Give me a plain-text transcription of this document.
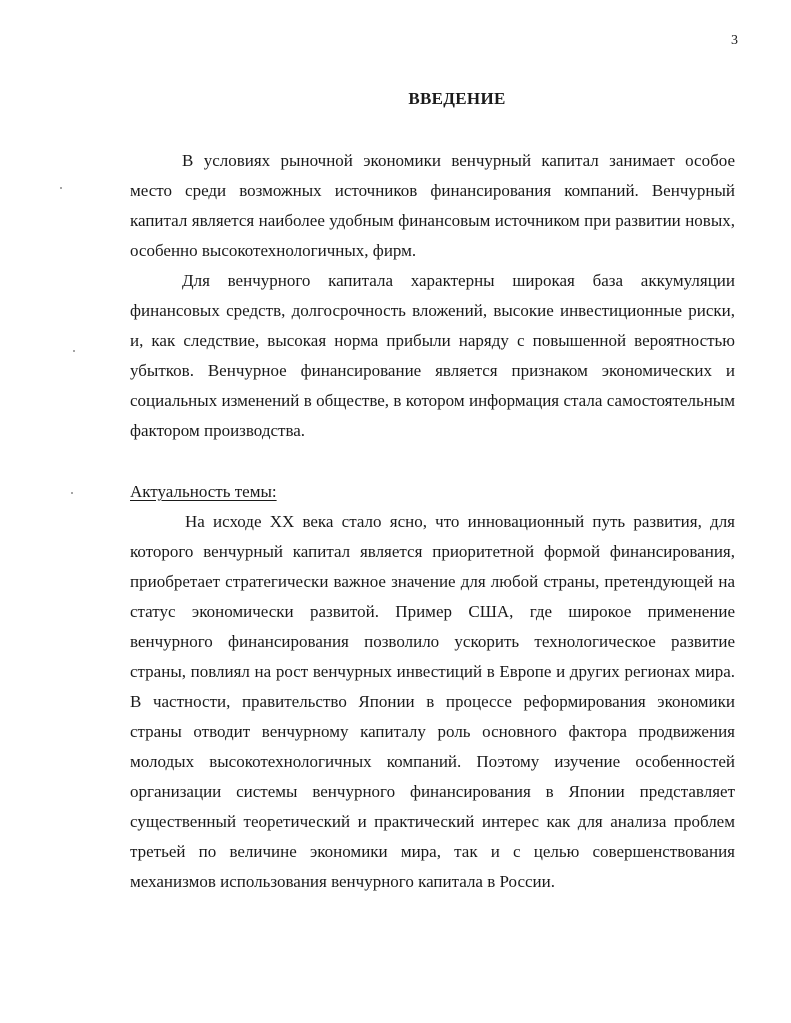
3
ВВЕДЕНИЕ

В условиях рыночной экономики венчурный капитал занимает особое место среди возможных источников финансирования компаний. Венчурный капитал является наиболее удобным финансовым источником при развитии новых, особенно высокотехнологичных, фирм.

Для венчурного капитала характерны широкая база аккумуляции финансовых средств, долгосрочность вложений, высокие инвестиционные риски, и, как следствие, высокая норма прибыли наряду с повышенной вероятностью убытков. Венчурное финансирование является признаком экономических и социальных изменений в обществе, в котором информация стала самостоятельным фактором производства.

Актуальность темы:

На исходе XX века стало ясно, что инновационный путь развития, для которого венчурный капитал является приоритетной формой финансирования, приобретает стратегически важное значение для любой страны, претендующей на статус экономически развитой. Пример США, где широкое применение венчурного финансирования позволило ускорить технологическое развитие страны, повлиял на рост венчурных инвестиций в Европе и других регионах мира. В частности, правительство Японии в процессе реформирования экономики страны отводит венчурному капиталу роль основного фактора продвижения молодых высокотехнологичных компаний. Поэтому изучение особенностей организации системы венчурного финансирования в Японии представляет существенный теоретический и практический интерес как для анализа проблем третьей по величине экономики мира, так и с целью совершенствования механизмов использования венчурного капитала в России.
